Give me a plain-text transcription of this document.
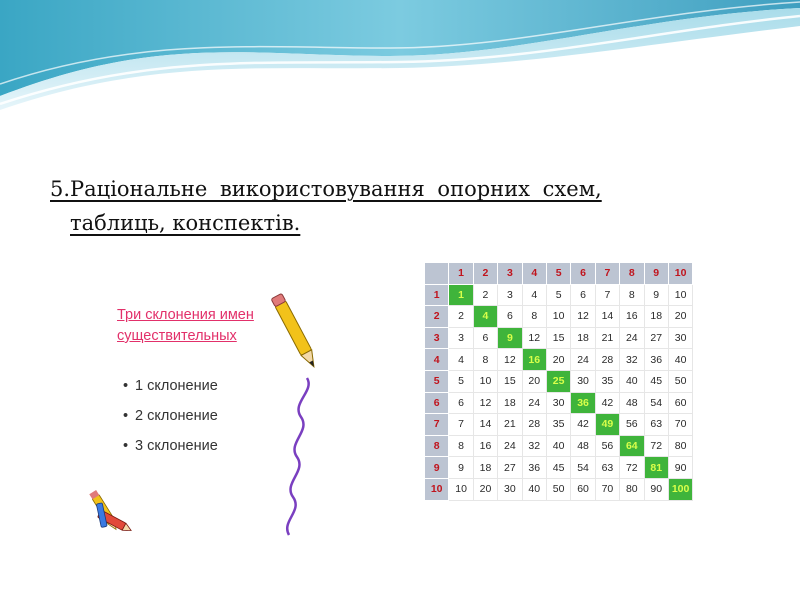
5.Раціональне використовування опорних схем,
таблиць, конспектів.
Три склонения имен существительных
• 1 склонение
• 2 склонение
• 3 склонение
	1	2	3	4	5	6	7	8	9	10
1	1	2	3	4	5	6	7	8	9	10
2	2	4	6	8	10	12	14	16	18	20
3	3	6	9	12	15	18	21	24	27	30
4	4	8	12	16	20	24	28	32	36	40
5	5	10	15	20	25	30	35	40	45	50
6	6	12	18	24	30	36	42	48	54	60
7	7	14	21	28	35	42	49	56	63	70
8	8	16	24	32	40	48	56	64	72	80
9	9	18	27	36	45	54	63	72	81	90
10	10	20	30	40	50	60	70	80	90	100
